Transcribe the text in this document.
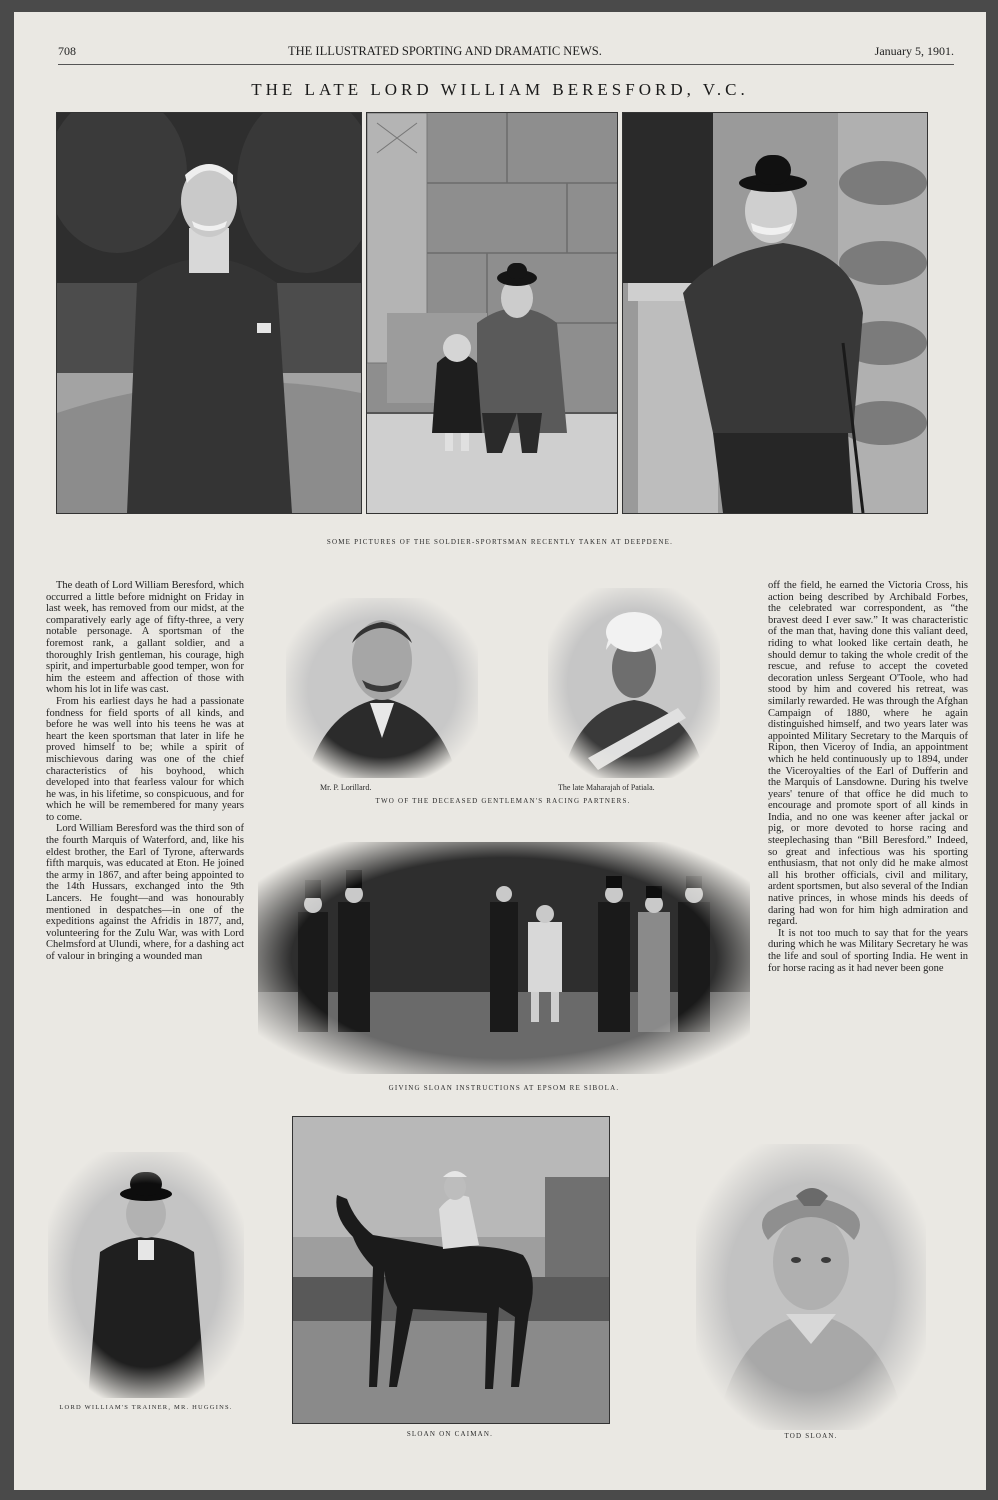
708	THE ILLUSTRATED SPORTING AND DRAMATIC NEWS.	January 5, 1901.
THE LATE LORD WILLIAM BERESFORD, V.C.
SOME PICTURES OF THE SOLDIER-SPORTSMAN RECENTLY TAKEN AT DEEPDENE.

The death of Lord William Beresford, which occurred a little before midnight on Friday in last week, has removed from our midst, at the comparatively early age of fifty-three, a very notable personage. A sportsman of the foremost rank, a gallant soldier, and a thoroughly Irish gentleman, his courage, high spirit, and imperturbable good temper, won for him the esteem and affection of those with whom his lot in life was cast.

From his earliest days he had a passionate fondness for field sports of all kinds, and before he was well into his teens he was at heart the keen sportsman that later in life he proved himself to be; while a spirit of mischievous daring was one of the chief characteristics of his boyhood, which developed into that fearless valour for which he was, in his lifetime, so conspicuous, and for which he will be remembered for many years to come.

Lord William Beresford was the third son of the fourth Marquis of Waterford, and, like his eldest brother, the Earl of Tyrone, afterwards fifth marquis, was educated at Eton. He joined the army in 1867, and after being appointed to the 14th Hussars, exchanged into the 9th Lancers. He fought—and was honourably mentioned in despatches—in one of the expeditions against the Afridis in 1877, and, volunteering for the Zulu War, was with Lord Chelmsford at Ulundi, where, for a dashing act of valour in bringing a wounded man

off the field, he earned the Victoria Cross, his action being described by Archibald Forbes, the celebrated war correspondent, as “the bravest deed I ever saw.” It was characteristic of the man that, having done this valiant deed, riding to what looked like certain death, he should demur to taking the whole credit of the rescue, and refuse to accept the coveted decoration unless Sergeant O'Toole, who had stood by him and covered his retreat, was similarly rewarded. He was through the Afghan Campaign of 1880, where he again distinguished himself, and two years later was appointed Military Secretary to the Marquis of Ripon, then Viceroy of India, an appointment which he held continuously up to 1894, under the Viceroyalties of the Earl of Dufferin and the Marquis of Lansdowne. During his twelve years' tenure of that office he did much to encourage and promote sport of all kinds in India, and no one was keener after jackal or pig, or more devoted to horse racing and steeplechasing than “Bill Beresford.” Indeed, so great and infectious was his sporting enthusiasm, that not only did he make almost all his brother officials, civil and military, ardent sportsmen, but also several of the Indian native princes, in whose minds his deeds of daring had won for him high admiration and regard.

It is not too much to say that for the years during which he was Military Secretary he was the life and soul of sporting India. He went in for horse racing as it had never been gone

Mr. P. Lorillard.	The late Maharajah of Patiala.
TWO OF THE DECEASED GENTLEMAN'S RACING PARTNERS.
GIVING SLOAN INSTRUCTIONS AT EPSOM RE SIBOLA.
LORD WILLIAM'S TRAINER, MR. HUGGINS.
SLOAN ON CAIMAN.	TOD SLOAN.
